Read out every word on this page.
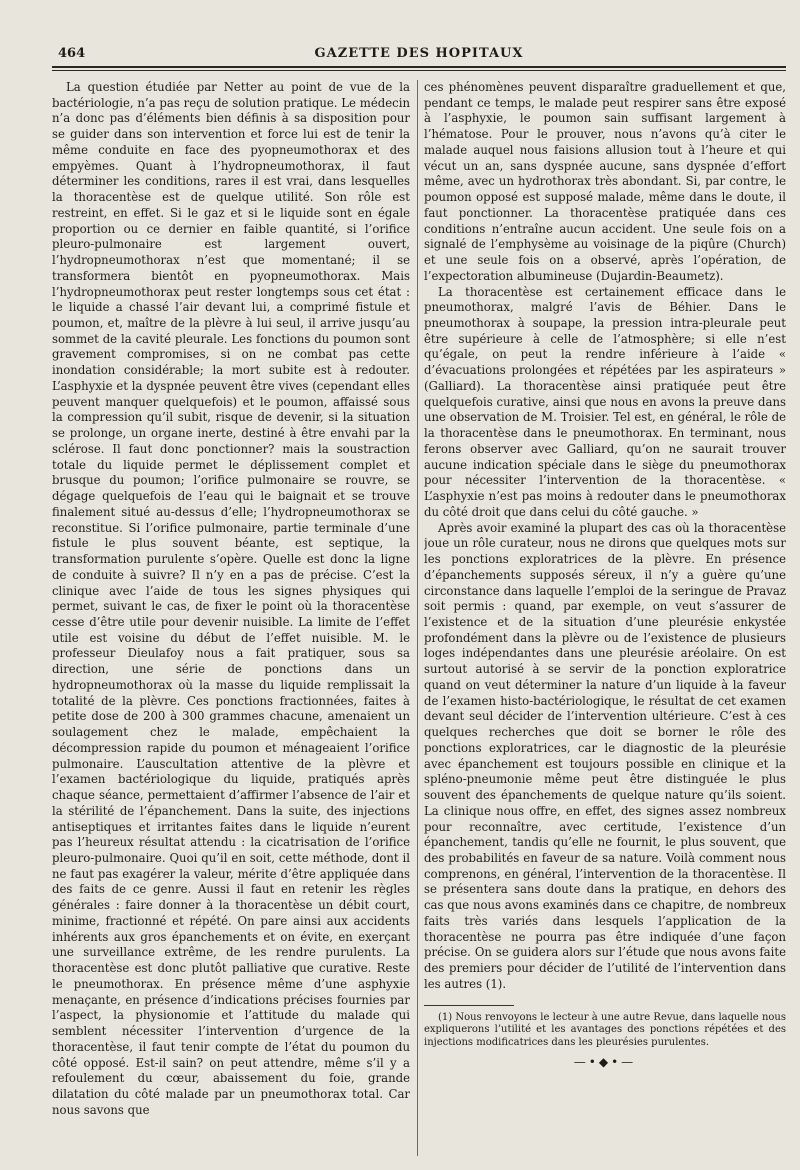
464	GAZETTE DES HOPITAUX

La question étudiée par Netter au point de vue de la bactériologie, n’a pas reçu de solution pratique. Le médecin n’a donc pas d’éléments bien définis à sa disposition pour se guider dans son intervention et force lui est de tenir la même conduite en face des pyopneumothorax et des empyèmes. Quant à l’hydropneumothorax, il faut déterminer les conditions, rares il est vrai, dans lesquelles la thoracentèse est de quelque utilité. Son rôle est restreint, en effet. Si le gaz et si le liquide sont en égale proportion ou ce dernier en faible quantité, si l’orifice pleuro-pulmonaire est largement ouvert, l’hydropneumothorax n’est que momentané; il se transformera bientôt en pyopneumothorax. Mais l’hydropneumothorax peut rester longtemps sous cet état : le liquide a chassé l’air devant lui, a comprimé fistule et poumon, et, maître de la plèvre à lui seul, il arrive jusqu’au sommet de la cavité pleurale. Les fonctions du poumon sont gravement compromises, si on ne combat pas cette inondation considérable; la mort subite est à redouter. L’asphyxie et la dyspnée peuvent être vives (cependant elles peuvent manquer quelquefois) et le poumon, affaissé sous la compression qu’il subit, risque de devenir, si la situation se prolonge, un organe inerte, destiné à être envahi par la sclérose. Il faut donc ponctionner? mais la soustraction totale du liquide permet le déplissement complet et brusque du poumon; l’orifice pulmonaire se rouvre, se dégage quelquefois de l’eau qui le baignait et se trouve finalement situé au-dessus d’elle; l’hydropneumothorax se reconstitue. Si l’orifice pulmonaire, partie terminale d’une fistule le plus souvent béante, est septique, la transformation purulente s’opère. Quelle est donc la ligne de conduite à suivre? Il n’y en a pas de précise. C’est la clinique avec l’aide de tous les signes physiques qui permet, suivant le cas, de fixer le point où la thoracentèse cesse d’être utile pour devenir nuisible. La limite de l’effet utile est voisine du début de l’effet nuisible. M. le professeur Dieulafoy nous a fait pratiquer, sous sa direction, une série de ponctions dans un hydropneumothorax où la masse du liquide remplissait la totalité de la plèvre. Ces ponctions fractionnées, faites à petite dose de 200 à 300 grammes chacune, amenaient un soulagement chez le malade, empêchaient la décompression rapide du poumon et ménageaient l’orifice pulmonaire. L’auscultation attentive de la plèvre et l’examen bactériologique du liquide, pratiqués après chaque séance, permettaient d’affirmer l’absence de l’air et la stérilité de l’épanchement. Dans la suite, des injections antiseptiques et irritantes faites dans le liquide n’eurent pas l’heureux résultat attendu : la cicatrisation de l’orifice pleuro-pulmonaire. Quoi qu’il en soit, cette méthode, dont il ne faut pas exagérer la valeur, mérite d’être appliquée dans des faits de ce genre. Aussi il faut en retenir les règles générales : faire donner à la thoracentèse un débit court, minime, fractionné et répété. On pare ainsi aux accidents inhérents aux gros épanchements et on évite, en exerçant une surveillance extrême, de les rendre purulents. La thoracentèse est donc plutôt palliative que curative. Reste le pneumothorax. En présence même d’une asphyxie menaçante, en présence d’indications précises fournies par l’aspect, la physionomie et l’attitude du malade qui semblent nécessiter l’intervention d’urgence de la thoracentèse, il faut tenir compte de l’état du poumon du côté opposé. Est-il sain? on peut attendre, même s’il y a refoulement du cœur, abaissement du foie, grande dilatation du côté malade par un pneumothorax total. Car nous savons que

ces phénomènes peuvent disparaître graduellement et que, pendant ce temps, le malade peut respirer sans être exposé à l’asphyxie, le poumon sain suffisant largement à l’hématose. Pour le prouver, nous n’avons qu’à citer le malade auquel nous faisions allusion tout à l’heure et qui vécut un an, sans dyspnée aucune, sans dyspnée d’effort même, avec un hydrothorax très abondant. Si, par contre, le poumon opposé est supposé malade, même dans le doute, il faut ponctionner. La thoracentèse pratiquée dans ces conditions n’entraîne aucun accident. Une seule fois on a signalé de l’emphysème au voisinage de la piqûre (Church) et une seule fois on a observé, après l’opération, de l’expectoration albumineuse (Dujardin-Beaumetz).

La thoracentèse est certainement efficace dans le pneumothorax, malgré l’avis de Béhier. Dans le pneumothorax à soupape, la pression intra-pleurale peut être supérieure à celle de l’atmosphère; si elle n’est qu’égale, on peut la rendre inférieure à l’aide « d’évacuations prolongées et répétées par les aspirateurs » (Galliard). La thoracentèse ainsi pratiquée peut être quelquefois curative, ainsi que nous en avons la preuve dans une observation de M. Troisier. Tel est, en général, le rôle de la thoracentèse dans le pneumothorax. En terminant, nous ferons observer avec Galliard, qu’on ne saurait trouver aucune indication spéciale dans le siège du pneumothorax pour nécessiter l’intervention de la thoracentèse. « L’asphyxie n’est pas moins à redouter dans le pneumothorax du côté droit que dans celui du côté gauche. »

Après avoir examiné la plupart des cas où la thoracentèse joue un rôle curateur, nous ne dirons que quelques mots sur les ponctions exploratrices de la plèvre. En présence d’épanchements supposés séreux, il n’y a guère qu’une circonstance dans laquelle l’emploi de la seringue de Pravaz soit permis : quand, par exemple, on veut s’assurer de l’existence et de la situation d’une pleurésie enkystée profondément dans la plèvre ou de l’existence de plusieurs loges indépendantes dans une pleurésie aréolaire. On est surtout autorisé à se servir de la ponction exploratrice quand on veut déterminer la nature d’un liquide à la faveur de l’examen histo-bactériologique, le résultat de cet examen devant seul décider de l’intervention ultérieure. C’est à ces quelques recherches que doit se borner le rôle des ponctions exploratrices, car le diagnostic de la pleurésie avec épanchement est toujours possible en clinique et la spléno-pneumonie même peut être distinguée le plus souvent des épanchements de quelque nature qu’ils soient. La clinique nous offre, en effet, des signes assez nombreux pour reconnaître, avec certitude, l’existence d’un épanchement, tandis qu’elle ne fournit, le plus souvent, que des probabilités en faveur de sa nature. Voilà comment nous comprenons, en général, l’intervention de la thoracentèse. Il se présentera sans doute dans la pratique, en dehors des cas que nous avons examinés dans ce chapitre, de nombreux faits très variés dans lesquels l’application de la thoracentèse ne pourra pas être indiquée d’une façon précise. On se guidera alors sur l’étude que nous avons faite des premiers pour décider de l’utilité de l’intervention dans les autres (1).

(1) Nous renvoyons le lecteur à une autre Revue, dans laquelle nous expliquerons l’utilité et les avantages des ponctions répétées et des injections modificatrices dans les pleurésies purulentes.

—•◆•—
